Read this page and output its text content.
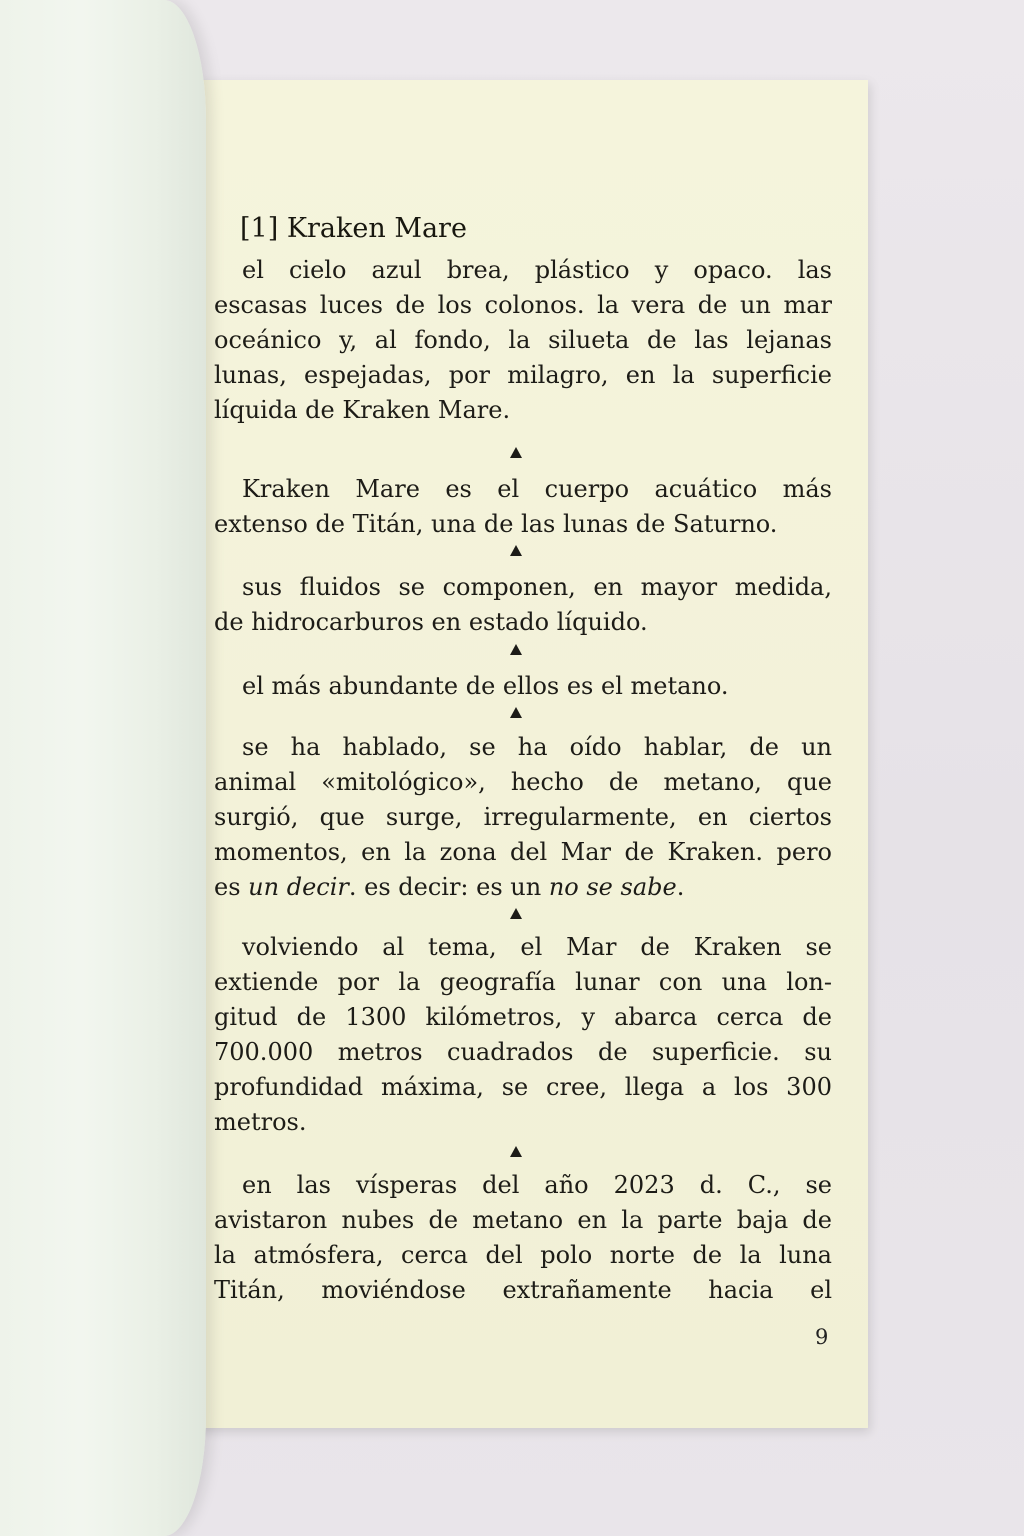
[1] Kraken Mare
el cielo azul brea, plástico y opaco. las
escasas luces de los colonos. la vera de un mar
oceánico y, al fondo, la silueta de las lejanas
lunas, espejadas, por milagro, en la superficie
líquida de Kraken Mare.
Kraken Mare es el cuerpo acuático más
extenso de Titán, una de las lunas de Saturno.
sus fluidos se componen, en mayor medida,
de hidrocarburos en estado líquido.
el más abundante de ellos es el metano.
se ha hablado, se ha oído hablar, de un
animal «mitológico», hecho de metano, que
surgió, que surge, irregularmente, en ciertos
momentos, en la zona del Mar de Kraken. pero
es un decir. es decir: es un no se sabe.
volviendo al tema, el Mar de Kraken se
extiende por la geografía lunar con una lon-
gitud de 1300 kilómetros, y abarca cerca de
700.000 metros cuadrados de superficie. su
profundidad máxima, se cree, llega a los 300
metros.
en las vísperas del año 2023 d. C., se
avistaron nubes de metano en la parte baja de
la atmósfera, cerca del polo norte de la luna
Titán, moviéndose extrañamente hacia el
9
